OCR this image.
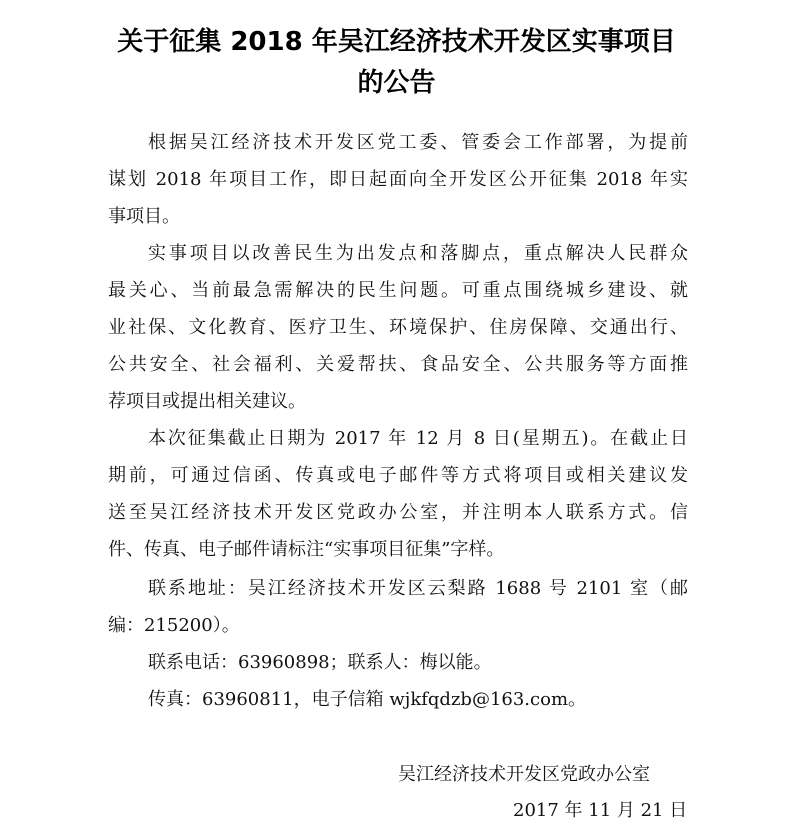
关于征集 2018 年吴江经济技术开发区实事项目
的公告
根据吴江经济技术开发区党工委、管委会工作部署，为提前
谋划 2018 年项目工作，即日起面向全开发区公开征集 2018 年实
事项目。
实事项目以改善民生为出发点和落脚点，重点解决人民群众
最关心、当前最急需解决的民生问题。可重点围绕城乡建设、就
业社保、文化教育、医疗卫生、环境保护、住房保障、交通出行、
公共安全、社会福利、关爱帮扶、食品安全、公共服务等方面推
荐项目或提出相关建议。
本次征集截止日期为 2017 年 12 月 8 日(星期五)。在截止日
期前，可通过信函、传真或电子邮件等方式将项目或相关建议发
送至吴江经济技术开发区党政办公室，并注明本人联系方式。信
件、传真、电子邮件请标注“实事项目征集”字样。
联系地址：吴江经济技术开发区云梨路 1688 号 2101 室（邮
编：215200）。
联系电话：63960898；联系人：梅以能。
传真：63960811，电子信箱 wjkfqdzb@163.com。
吴江经济技术开发区党政办公室
2017 年 11 月 21 日
